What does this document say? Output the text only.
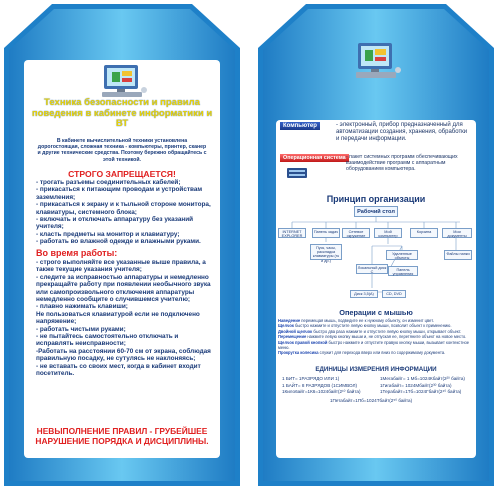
Техника безопасности и правила поведения в кабинете информатики и ВТ
В кабинете вычислительной техники установлена дорогостоящая, сложная техника - компьютеры, принтер, сканер и другие технические средства. Поэтому бережно обращайтесь с этой техникой.
СТРОГО ЗАПРЕЩАЕТСЯ!
- трогать разъемы соединительных кабелей;
- прикасаться к питающим проводам и устройствам заземления;
- прикасаться к экрану и к тыльной стороне монитора, клавиатуры, системного блока;
- включать и отключать аппаратуру без указаний учителя;
- класть предметы на монитор и клавиатуру;
- работать во влажной одежде и влажными руками.
Во время работы:
- строго выполняйте все указанные выше правила, а также текущие указания учителя;
- следите за исправностью аппаратуры и немедленно прекращайте работу при появлении необычного звука или самопроизвольного отключения аппаратуры немедленно сообщите о случившемся учителю;
- плавно нажимать клавиши;
Не пользоваться клавиатурой если не подключено напряжение;
- работать чистыми руками;
- не пытайтесь самостоятельно отключать и исправлять неисправности;
-Работать на расстоянии 60-70 см от экрана, соблюдая правильную посадку, не сутулясь не наклоняясь;
- не вставать со своих мест, когда в кабинет входит посетитель.
НЕВЫПОЛНЕНИЕ ПРАВИЛ - ГРУБЕЙШЕЕ НАРУШЕНИЕ ПОРЯДКА И ДИСЦИПЛИНЫ.
Компьютер	- электронный, прибор предназначенный для автоматизации создания, хранения, обработки и передачи информации.
Операционная система - пакет системных программ обеспечивающих взаимодействие программ с аппаратным оборудованием компьютера.
Принцип организации
Рабочий стол
INTERNET EXPLORER
Панель задач	Сетевое окружение
Мой компьютер
Корзина	Мои документы
Пуск, часы, раскладка клавиатуры (ru и др.)
Локальный диск С
Удаленные объекты
Файлы папки
Панель управления
Диск 3,5(А)	CD, DVD
Операции с мышью
Наведение перемещая мышь, подведите ее к нужному объекту, он изменит цвет.
Щелчок быстро нажмите и отпустите левую кнопку мыши, позволит объект к применению.
Двойной щелчок быстро два раза нажмите и отпустите левую кнопку мыши, открывает объект.
Перемещение нажмите левую кнопку мыши и, не отпуская ее, перетяните объект на новое место.
Щелчок правой кнопкой быстро нажмите и отпустите правую кнопку мыши, вызывает контекстное меню.
Прокрутка колесика служит для перехода вверх или вниз по содержимому документа.
ЕДИНИЦЫ ИЗМЕРЕНИЯ ИНФОРМАЦИИ
1 БИТ= 1РАЗРЯДО ИЛИ 1)
1 БАЙТ= 8 РАЗРЯДОВ (1СИМВОЛ)
1Кило6айт=1К6=1024байт(2¹⁰ байта)
1Мегабайт= 1 Мб=1024Кбайт(2²⁰ байта)
1Гигабайт= 1024Мбайт(2³⁰ байта)
1Терабайт=1Тб=1024Гбайт(2⁴⁰ байта)
1Петабайт=1Пб=1024Тбайт(2⁵⁰ байта)
